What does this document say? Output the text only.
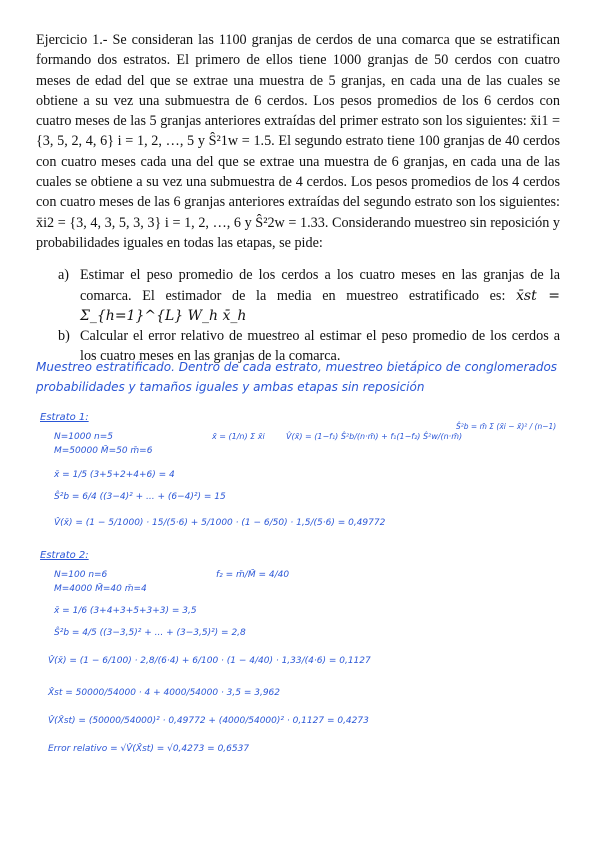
Ejercicio 1.- Se consideran las 1100 granjas de cerdos de una comarca que se estratifican formando dos estratos. El primero de ellos tiene 1000 granjas de 50 cerdos con cuatro meses de edad del que se extrae una muestra de 5 granjas, en cada una de las cuales se obtiene a su vez una submuestra de 6 cerdos. Los pesos promedios de los 6 cerdos con cuatro meses de las 5 granjas anteriores extraídas del primer estrato son los siguientes: x̄i1 = {3, 5, 2, 4, 6} i = 1, 2, …, 5 y Ŝ²1w = 1.5. El segundo estrato tiene 100 granjas de 40 cerdos con cuatro meses cada una del que se extrae una muestra de 6 granjas, en cada una de las cuales se obtiene a su vez una submuestra de 4 cerdos. Los pesos promedios de los 4 cerdos con cuatro meses de las 6 granjas anteriores extraídas del segundo estrato son los siguientes: x̄i2 = {3, 4, 3, 5, 3, 3} i = 1, 2, …, 6 y Ŝ²2w = 1.33. Considerando muestreo sin reposición y probabilidades iguales en todas las etapas, se pide:

a) Estimar el peso promedio de los cerdos a los cuatro meses en las granjas de la comarca. El estimador de la media en muestreo estratificado es: x̄st = Σ_{h=1}^{L} W_h x̄_h
b) Calcular el error relativo de muestreo al estimar el peso promedio de los cerdos a los cuatro meses en las granjas de la comarca.
Muestreo estratificado. Dentro de cada estrato, muestreo bietápico de conglomerados
probabilidades y tamaños iguales y ambas etapas sin reposición
Estrato 1:
N=1000 n=5
M=50000 M̄=50 m̄=6
x̄ = (1/n) Σ x̄i	V̂(x̄) = (1−f₁) Ŝ²b/(n·m̄) + f₁(1−f₂) Ŝ²w/(n·m̄)
Ŝ²b = m̄ Σ (x̄i − x̄)² / (n−1)
x̄ = 1/5 (3+5+2+4+6) = 4
Ŝ²b = 6/4 ((3−4)² + ... + (6−4)²) = 15
V̂(x̄) = (1 − 5/1000) · 15/(5·6) + 5/1000 · (1 − 6/50) · 1,5/(5·6) = 0,49772
Estrato 2:
N=100 n=6
M=4000 M̄=40 m̄=4
f₂ = m̄/M̄ = 4/40
x̄ = 1/6 (3+4+3+5+3+3) = 3,5
Ŝ²b = 4/5 ((3−3,5)² + ... + (3−3,5)²) = 2,8
V̂(x̄) = (1 − 6/100) · 2,8/(6·4) + 6/100 · (1 − 4/40) · 1,33/(4·6) = 0,1127
X̂st = 50000/54000 · 4 + 4000/54000 · 3,5 = 3,962
V̂(X̂st) = (50000/54000)² · 0,49772 + (4000/54000)² · 0,1127 = 0,4273
Error relativo = √V̂(X̂st) = √0,4273 = 0,6537
